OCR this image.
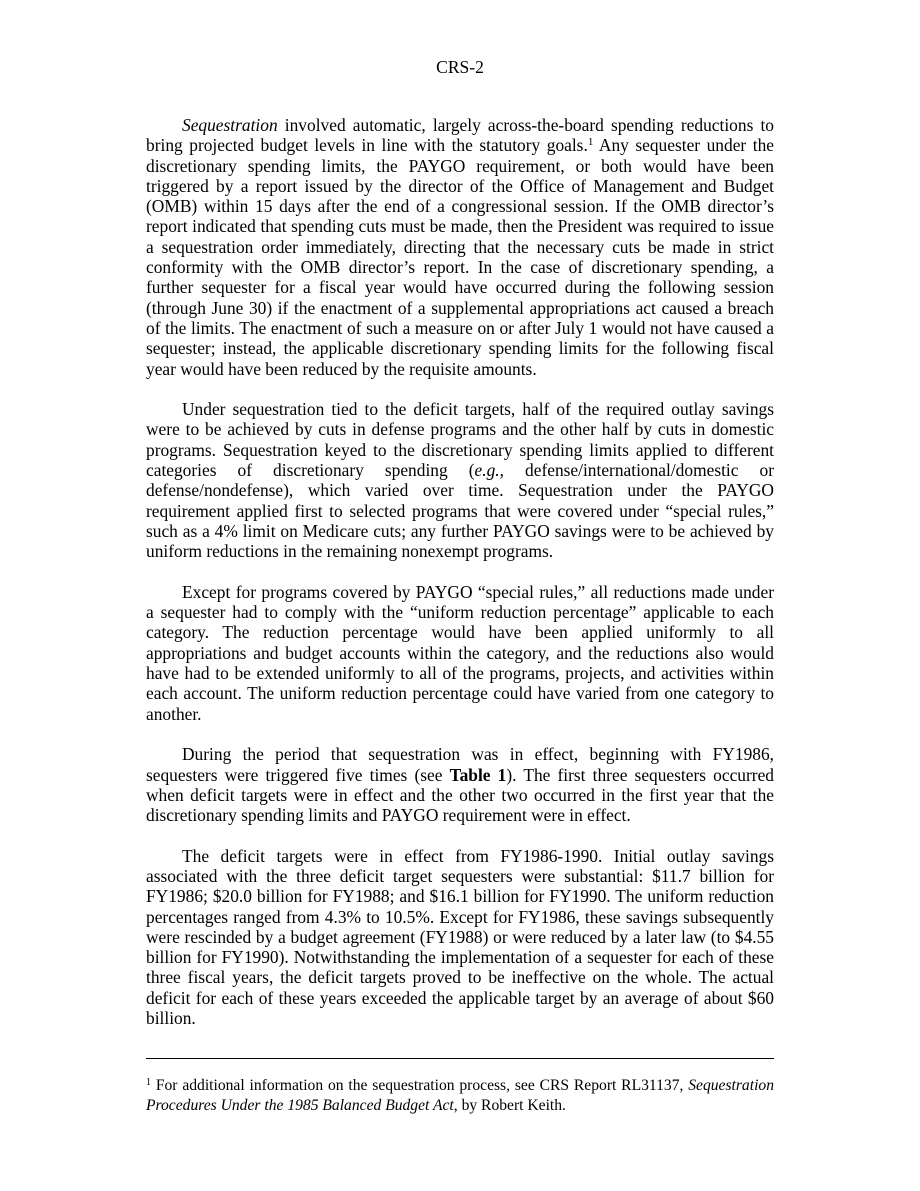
CRS-2

Sequestration involved automatic, largely across-the-board spending reductions to bring projected budget levels in line with the statutory goals.$^1$ Any sequester under the discretionary spending limits, the PAYGO requirement, or both would have been triggered by a report issued by the director of the Office of Management and Budget (OMB) within 15 days after the end of a congressional session. If the OMB director’s report indicated that spending cuts must be made, then the President was required to issue a sequestration order immediately, directing that the necessary cuts be made in strict conformity with the OMB director’s report. In the case of discretionary spending, a further sequester for a fiscal year would have occurred during the following session (through June 30) if the enactment of a supplemental appropriations act caused a breach of the limits. The enactment of such a measure on or after July 1 would not have caused a sequester; instead, the applicable discretionary spending limits for the following fiscal year would have been reduced by the requisite amounts.

Under sequestration tied to the deficit targets, half of the required outlay savings were to be achieved by cuts in defense programs and the other half by cuts in domestic programs. Sequestration keyed to the discretionary spending limits applied to different categories of discretionary spending (e.g., defense/international/domestic or defense/nondefense), which varied over time. Sequestration under the PAYGO requirement applied first to selected programs that were covered under “special rules,” such as a 4% limit on Medicare cuts; any further PAYGO savings were to be achieved by uniform reductions in the remaining nonexempt programs.

Except for programs covered by PAYGO “special rules,” all reductions made under a sequester had to comply with the “uniform reduction percentage” applicable to each category. The reduction percentage would have been applied uniformly to all appropriations and budget accounts within the category, and the reductions also would have had to be extended uniformly to all of the programs, projects, and activities within each account. The uniform reduction percentage could have varied from one category to another.

During the period that sequestration was in effect, beginning with FY1986, sequesters were triggered five times (see Table 1). The first three sequesters occurred when deficit targets were in effect and the other two occurred in the first year that the discretionary spending limits and PAYGO requirement were in effect.

The deficit targets were in effect from FY1986-1990. Initial outlay savings associated with the three deficit target sequesters were substantial: $11.7 billion for FY1986; $20.0 billion for FY1988; and $16.1 billion for FY1990. The uniform reduction percentages ranged from 4.3% to 10.5%. Except for FY1986, these savings subsequently were rescinded by a budget agreement (FY1988) or were reduced by a later law (to $4.55 billion for FY1990). Notwithstanding the implementation of a sequester for each of these three fiscal years, the deficit targets proved to be ineffective on the whole. The actual deficit for each of these years exceeded the applicable target by an average of about $60 billion.

$^1$ For additional information on the sequestration process, see CRS Report RL31137, Sequestration Procedures Under the 1985 Balanced Budget Act, by Robert Keith.
